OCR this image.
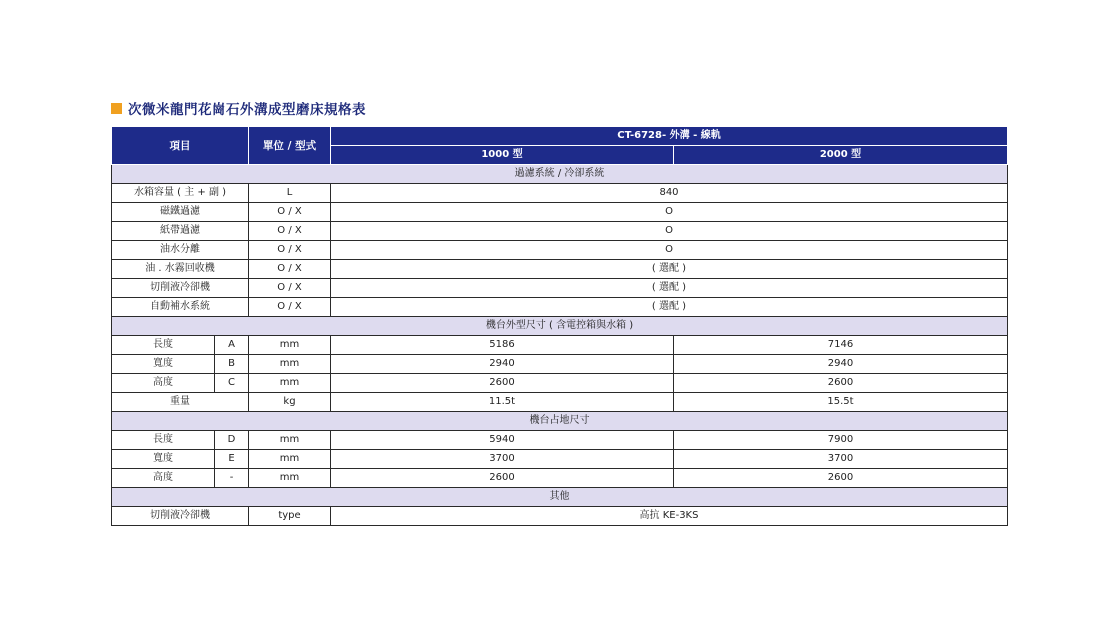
次微米龍門花崗石外溝成型磨床規格表
項目		單位 / 型式	CT-6728- 外溝 - 線軌	
			1000 型	2000 型
過濾系統 / 冷卻系統				
水箱容量 ( 主 + 副 )		L	840	
磁鐵過濾		O / X	O	
紙帶過濾		O / X	O	
油水分離		O / X	O	
油 . 水霧回收機		O / X	( 選配 )	
切削液冷卻機		O / X	( 選配 )	
自動補水系統		O / X	( 選配 )	
機台外型尺寸 ( 含電控箱與水箱 )				
長度	A	mm	5186	7146
寬度	B	mm	2940	2940
高度	C	mm	2600	2600
重量		kg	11.5t	15.5t
機台占地尺寸				
長度	D	mm	5940	7900
寬度	E	mm	3700	3700
高度	-	mm	2600	2600
其他				
切削液冷卻機		type	高抗 KE-3KS	
